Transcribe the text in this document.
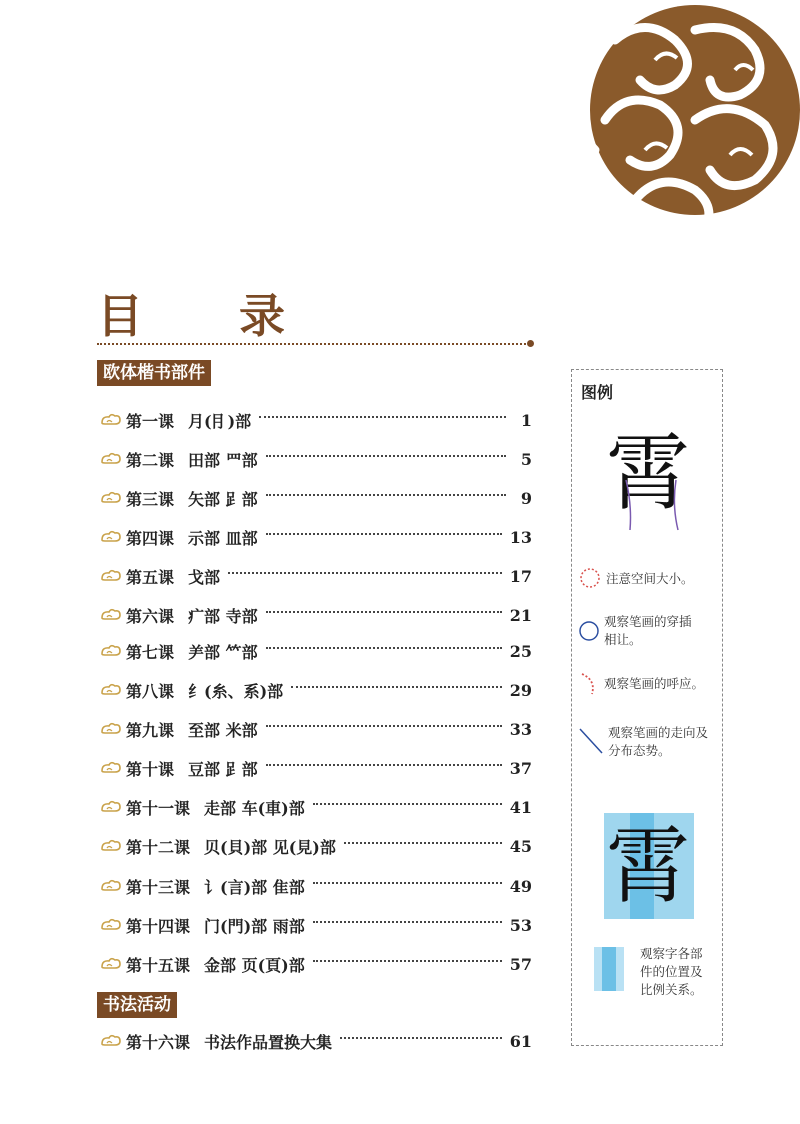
目 录
欧体楷书部件
书法活动
第一课 月(⺝)部	1
第二课 田部 罒部	5
第三课 矢部 𧾷部	9
第四课 示部 皿部	13
第五课 戈部	17
第六课 疒部 寺部	21
第七课 ⺶部 𥫗部	25
第八课 纟(糸、系)部	29
第九课 至部 米部	33
第十课 豆部 𧾷部	37
第十一课 走部 车(車)部	41
第十二课 贝(貝)部 见(見)部	45
第十三课 讠(言)部 隹部	49
第十四课 门(門)部 雨部	53
第十五课 金部 页(頁)部	57
第十六课 书法作品置换大集	61
图例
霄
霄
注意空间大小。
观察笔画的穿插相让。
观察笔画的呼应。
观察笔画的走向及分布态势。
观察字各部件的位置及比例关系。
